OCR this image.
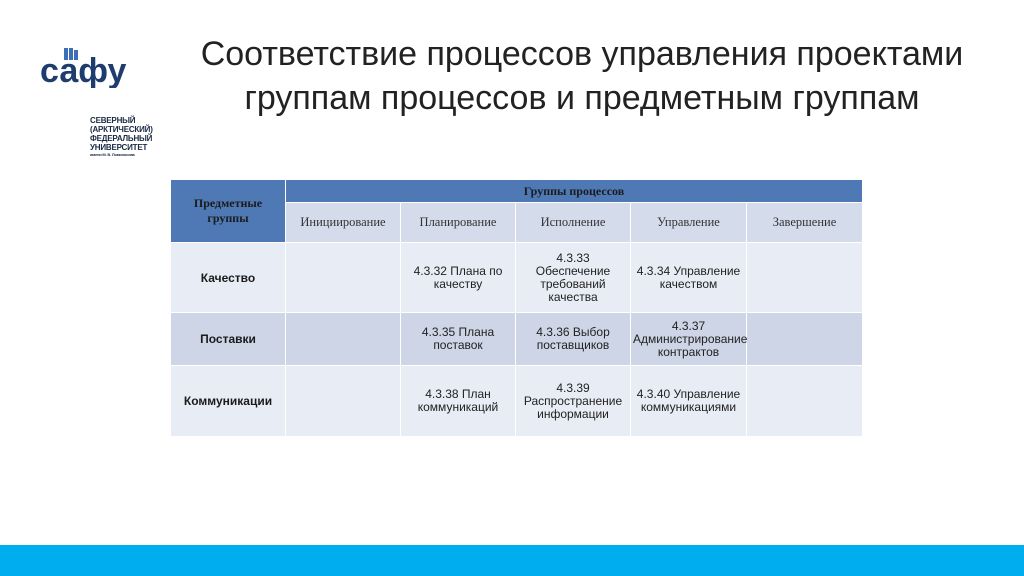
сафу
СЕВЕРНЫЙ
(АРКТИЧЕСКИЙ)
ФЕДЕРАЛЬНЫЙ
УНИВЕРСИТЕТ
имени М. В. Ломоносова
Соответствие процессов управления проектами
группам процессов и предметным группам
Предметные группы	Группы процессов				
	Инициирование	Планирование	Исполнение	Управление	Завершение
Качество		4.3.32 Плана по качеству	4.3.33 Обеспечение требований качества	4.3.34 Управление качеством	
Поставки		4.3.35 Плана поставок	4.3.36 Выбор поставщиков	4.3.37 Администрирование контрактов	
Коммуникации		4.3.38 План коммуникаций	4.3.39 Распространение информации	4.3.40 Управление коммуникациями	
